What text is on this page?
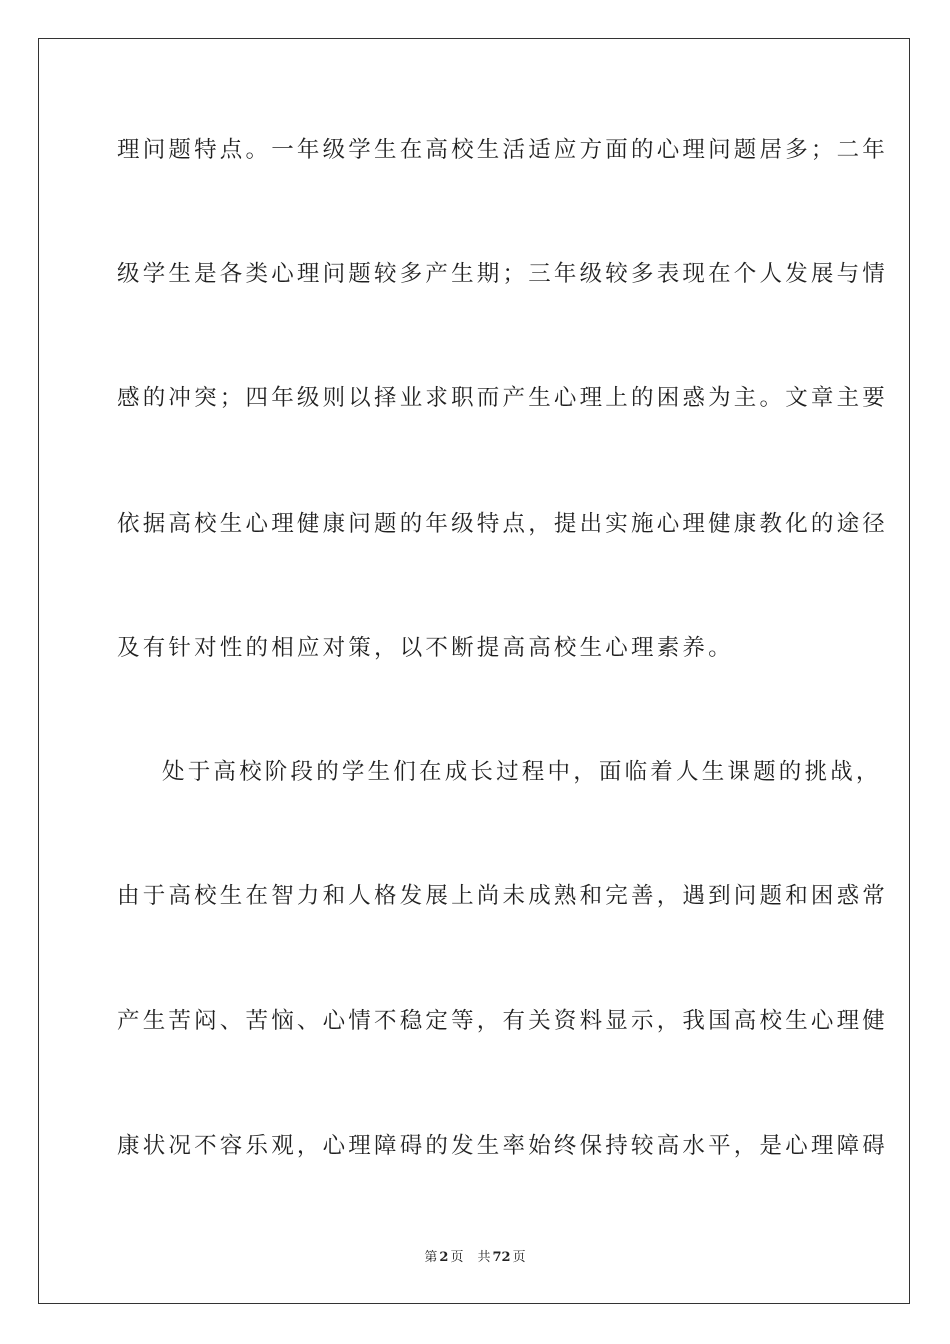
理问题特点。一年级学生在高校生活适应方面的心理问题居多；二年
级学生是各类心理问题较多产生期；三年级较多表现在个人发展与情
感的冲突；四年级则以择业求职而产生心理上的困惑为主。文章主要
依据高校生心理健康问题的年级特点，提出实施心理健康教化的途径
及有针对性的相应对策，以不断提高高校生心理素养。
处于高校阶段的学生们在成长过程中，面临着人生课题的挑战，
由于高校生在智力和人格发展上尚未成熟和完善，遇到问题和困惑常
产生苦闷、苦恼、心情不稳定等，有关资料显示，我国高校生心理健
康状况不容乐观，心理障碍的发生率始终保持较高水平，是心理障碍
第 2 页 共 72 页
